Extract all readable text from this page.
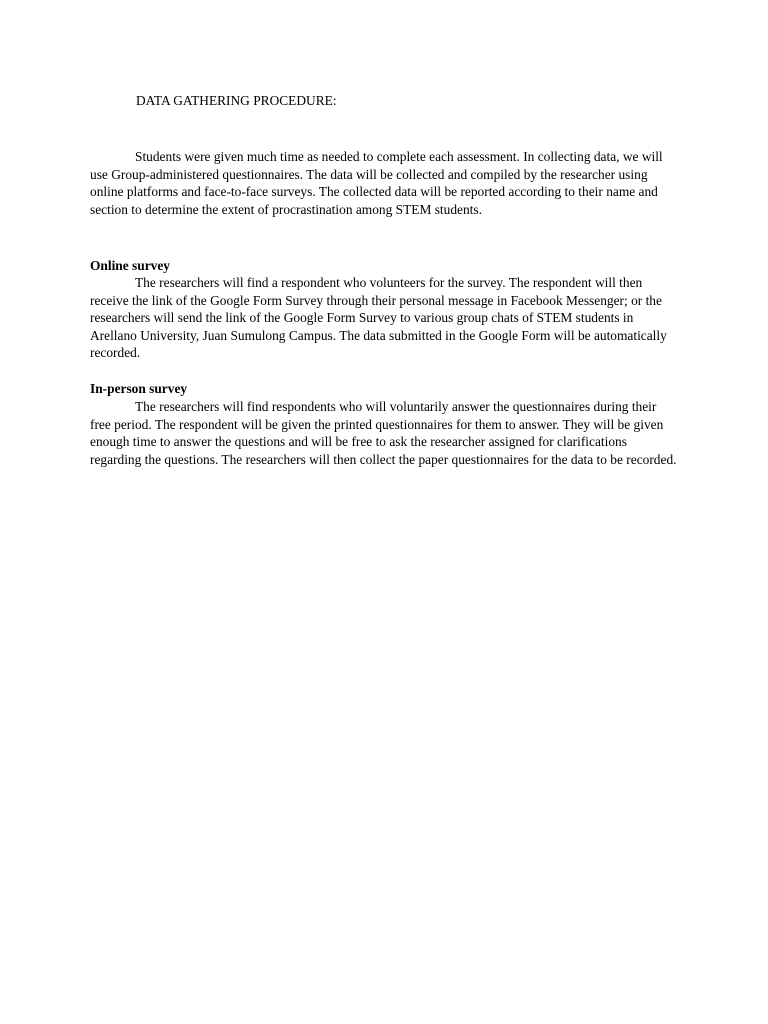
DATA GATHERING PROCEDURE:

Students were given much time as needed to complete each assessment. In collecting data, we will use Group-administered questionnaires. The data will be collected and compiled by the researcher using online platforms and face-to-face surveys. The collected data will be reported according to their name and section to determine the extent of procrastination among STEM students.

Online survey

The researchers will find a respondent who volunteers for the survey. The respondent will then receive the link of the Google Form Survey through their personal message in Facebook Messenger; or the researchers will send the link of the Google Form Survey to various group chats of STEM students in Arellano University, Juan Sumulong Campus. The data submitted in the Google Form will be automatically recorded.

In-person survey

The researchers will find respondents who will voluntarily answer the questionnaires during their free period. The respondent will be given the printed questionnaires for them to answer. They will be given enough time to answer the questions and will be free to ask the researcher assigned for clarifications regarding the questions. The researchers will then collect the paper questionnaires for the data to be recorded.
